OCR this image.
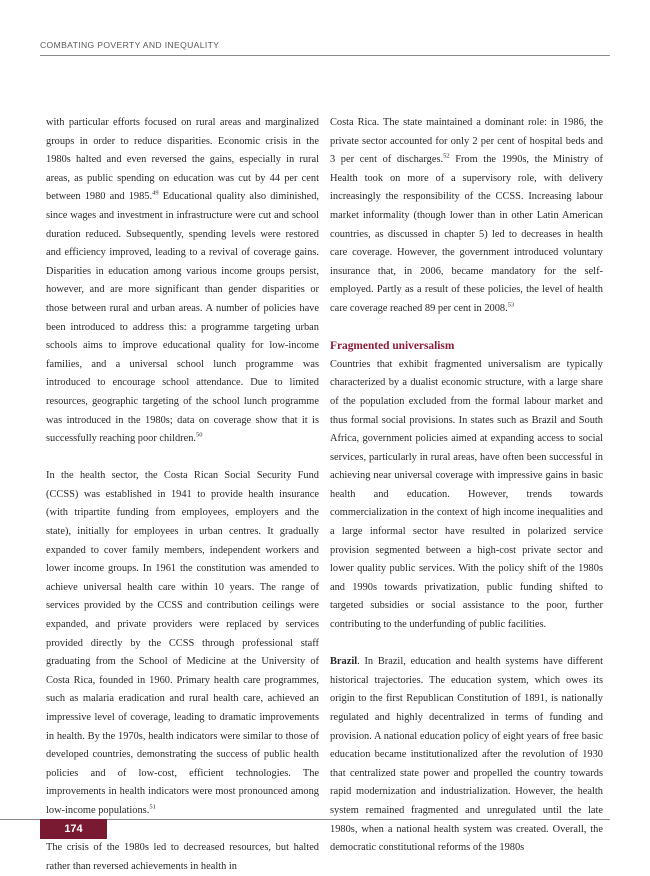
COMBATING POVERTY AND INEQUALITY

with particular efforts focused on rural areas and marginalized groups in order to reduce disparities. Economic crisis in the 1980s halted and even reversed the gains, especially in rural areas, as public spending on education was cut by 44 per cent between 1980 and 1985.49 Educational quality also diminished, since wages and investment in infrastructure were cut and school duration reduced. Subsequently, spending levels were restored and efficiency improved, leading to a revival of coverage gains. Disparities in education among various income groups persist, however, and are more significant than gender disparities or those between rural and urban areas. A number of policies have been introduced to address this: a programme targeting urban schools aims to improve educational quality for low-income families, and a universal school lunch programme was introduced to encourage school attendance. Due to limited resources, geographic targeting of the school lunch programme was introduced in the 1980s; data on coverage show that it is successfully reaching poor children.$^{50}$

In the health sector, the Costa Rican Social Security Fund (CCSS) was established in 1941 to provide health insurance (with tripartite funding from employees, employers and the state), initially for employees in urban centres. It gradually expanded to cover family members, independent workers and lower income groups. In 1961 the constitution was amended to achieve universal health care within 10 years. The range of services provided by the CCSS and contribution ceilings were expanded, and private providers were replaced by services provided directly by the CCSS through professional staff graduating from the School of Medicine at the University of Costa Rica, founded in 1960. Primary health care programmes, such as malaria eradication and rural health care, achieved an impressive level of coverage, leading to dramatic improvements in health. By the 1970s, health indicators were similar to those of developed countries, demonstrating the success of public health policies and of low-cost, efficient technologies. The improvements in health indicators were most pronounced among low-income populations.$^{51}$

The crisis of the 1980s led to decreased resources, but halted rather than reversed achievements in health in

Costa Rica. The state maintained a dominant role: in 1986, the private sector accounted for only 2 per cent of hospital beds and 3 per cent of discharges.$^{52}$ From the 1990s, the Ministry of Health took on more of a supervisory role, with delivery increasingly the responsibility of the CCSS. Increasing labour market informality (though lower than in other Latin American countries, as discussed in chapter 5) led to decreases in health care coverage. However, the government introduced voluntary insurance that, in 2006, became mandatory for the self-employed. Partly as a result of these policies, the level of health care coverage reached 89 per cent in 2008.53

Fragmented universalism

Countries that exhibit fragmented universalism are typically characterized by a dualist economic structure, with a large share of the population excluded from the formal labour market and thus formal social provisions. In states such as Brazil and South Africa, government policies aimed at expanding access to social services, particularly in rural areas, have often been successful in achieving near universal coverage with impressive gains in basic health and education. However, trends towards commercialization in the context of high income inequalities and a large informal sector have resulted in polarized service provision segmented between a high-cost private sector and lower quality public services. With the policy shift of the 1980s and 1990s towards privatization, public funding shifted to targeted subsidies or social assistance to the poor, further contributing to the underfunding of public facilities.

Brazil. In Brazil, education and health systems have different historical trajectories. The education system, which owes its origin to the first Republican Constitution of 1891, is nationally regulated and highly decentralized in terms of funding and provision. A national education policy of eight years of free basic education became institutionalized after the revolution of 1930 that centralized state power and propelled the country towards rapid modernization and industrialization. However, the health system remained fragmented and unregulated until the late 1980s, when a national health system was created. Overall, the democratic constitutional reforms of the 1980s

174
